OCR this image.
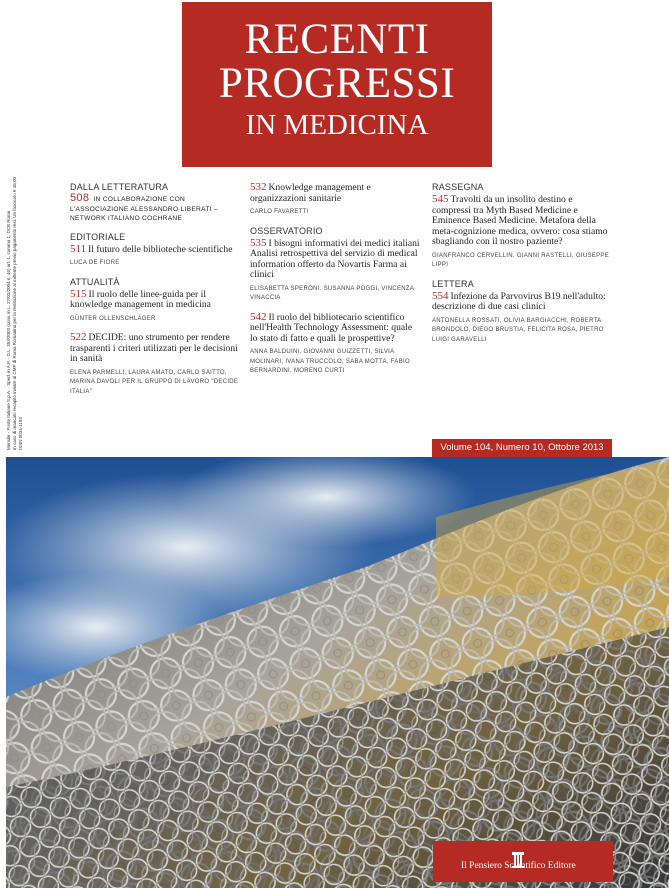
RECENTI
PROGRESSI
IN MEDICINA
Mensile - Poste Italiane S.p.A. - Sped. in A.P. - D.L. 353/2003 (conv. in L. 27/02/2004 n. 46) art. 1, comma 1, DCB Roma In caso di mancato recapito inviare al CMP di Roma Romanina per la restituzione al mittente previo pagamento resi. Un fascicolo € 46,00 ISSN 0034-1193
DALLA LETTERATURA
508 IN COLLABORAZIONE CON L'ASSOCIAZIONE ALESSANDRO LIBERATI – NETWORK ITALIANO COCHRANE
EDITORIALE
511 Il futuro delle biblioteche scientifiche
LUCA DE FIORE
ATTUALITÀ
515 Il ruolo delle linee-guida per il knowledge management in medicina
GÜNTER OLLENSCHLÄGER
522 DECIDE: uno strumento per rendere trasparenti i criteri utilizzati per le decisioni in sanità
ELENA PARMELLI, LAURA AMATO, CARLO SAITTO, MARINA DAVOLI PER IL GRUPPO DI LAVORO "DECIDE ITALIA"
532 Knowledge management e organizzazioni sanitarie
CARLO FAVARETTI
OSSERVATORIO
535 I bisogni informativi dei medici italiani Analisi retrospettiva del servizio di medical information offerto da Novartis Farma ai clinici
ELISABETTA SPERONI, SUSANNA POGGI, VINCENZA VINACCIA
542 Il ruolo del bibliotecario scientifico nell'Health Technology Assessment: quale lo stato di fatto e quali le prospettive?
ANNA BALDUINI, GIOVANNI GUIZZETTI, SILVIA MOLINARI, IVANA TRUCCOLO, SABA MOTTA, FABIO BERNARDINI, MORENO CURTI
RASSEGNA
545 Travolti da un insolito destino e compressi tra Myth Based Medicine e Eminence Based Medicine. Metafora della meta-cognizione medica, ovvero: cosa stiamo sbagliando con il nostro paziente?
GIANFRANCO CERVELLIN, GIANNI RASTELLI, GIUSEPPE LIPPI
LETTERA
554 Infezione da Parvovirus B19 nell'adulto: descrizione di due casi clinici
ANTONELLA ROSSATI, OLIVIA BARGIACCHI, ROBERTA BRONDOLO, DIEGO BRUSTIA, FELICITA ROSA, PIETRO LUIGI GARAVELLI
Volume 104, Numero 10, Ottobre 2013
Il Pensiero Scientifico Editore
